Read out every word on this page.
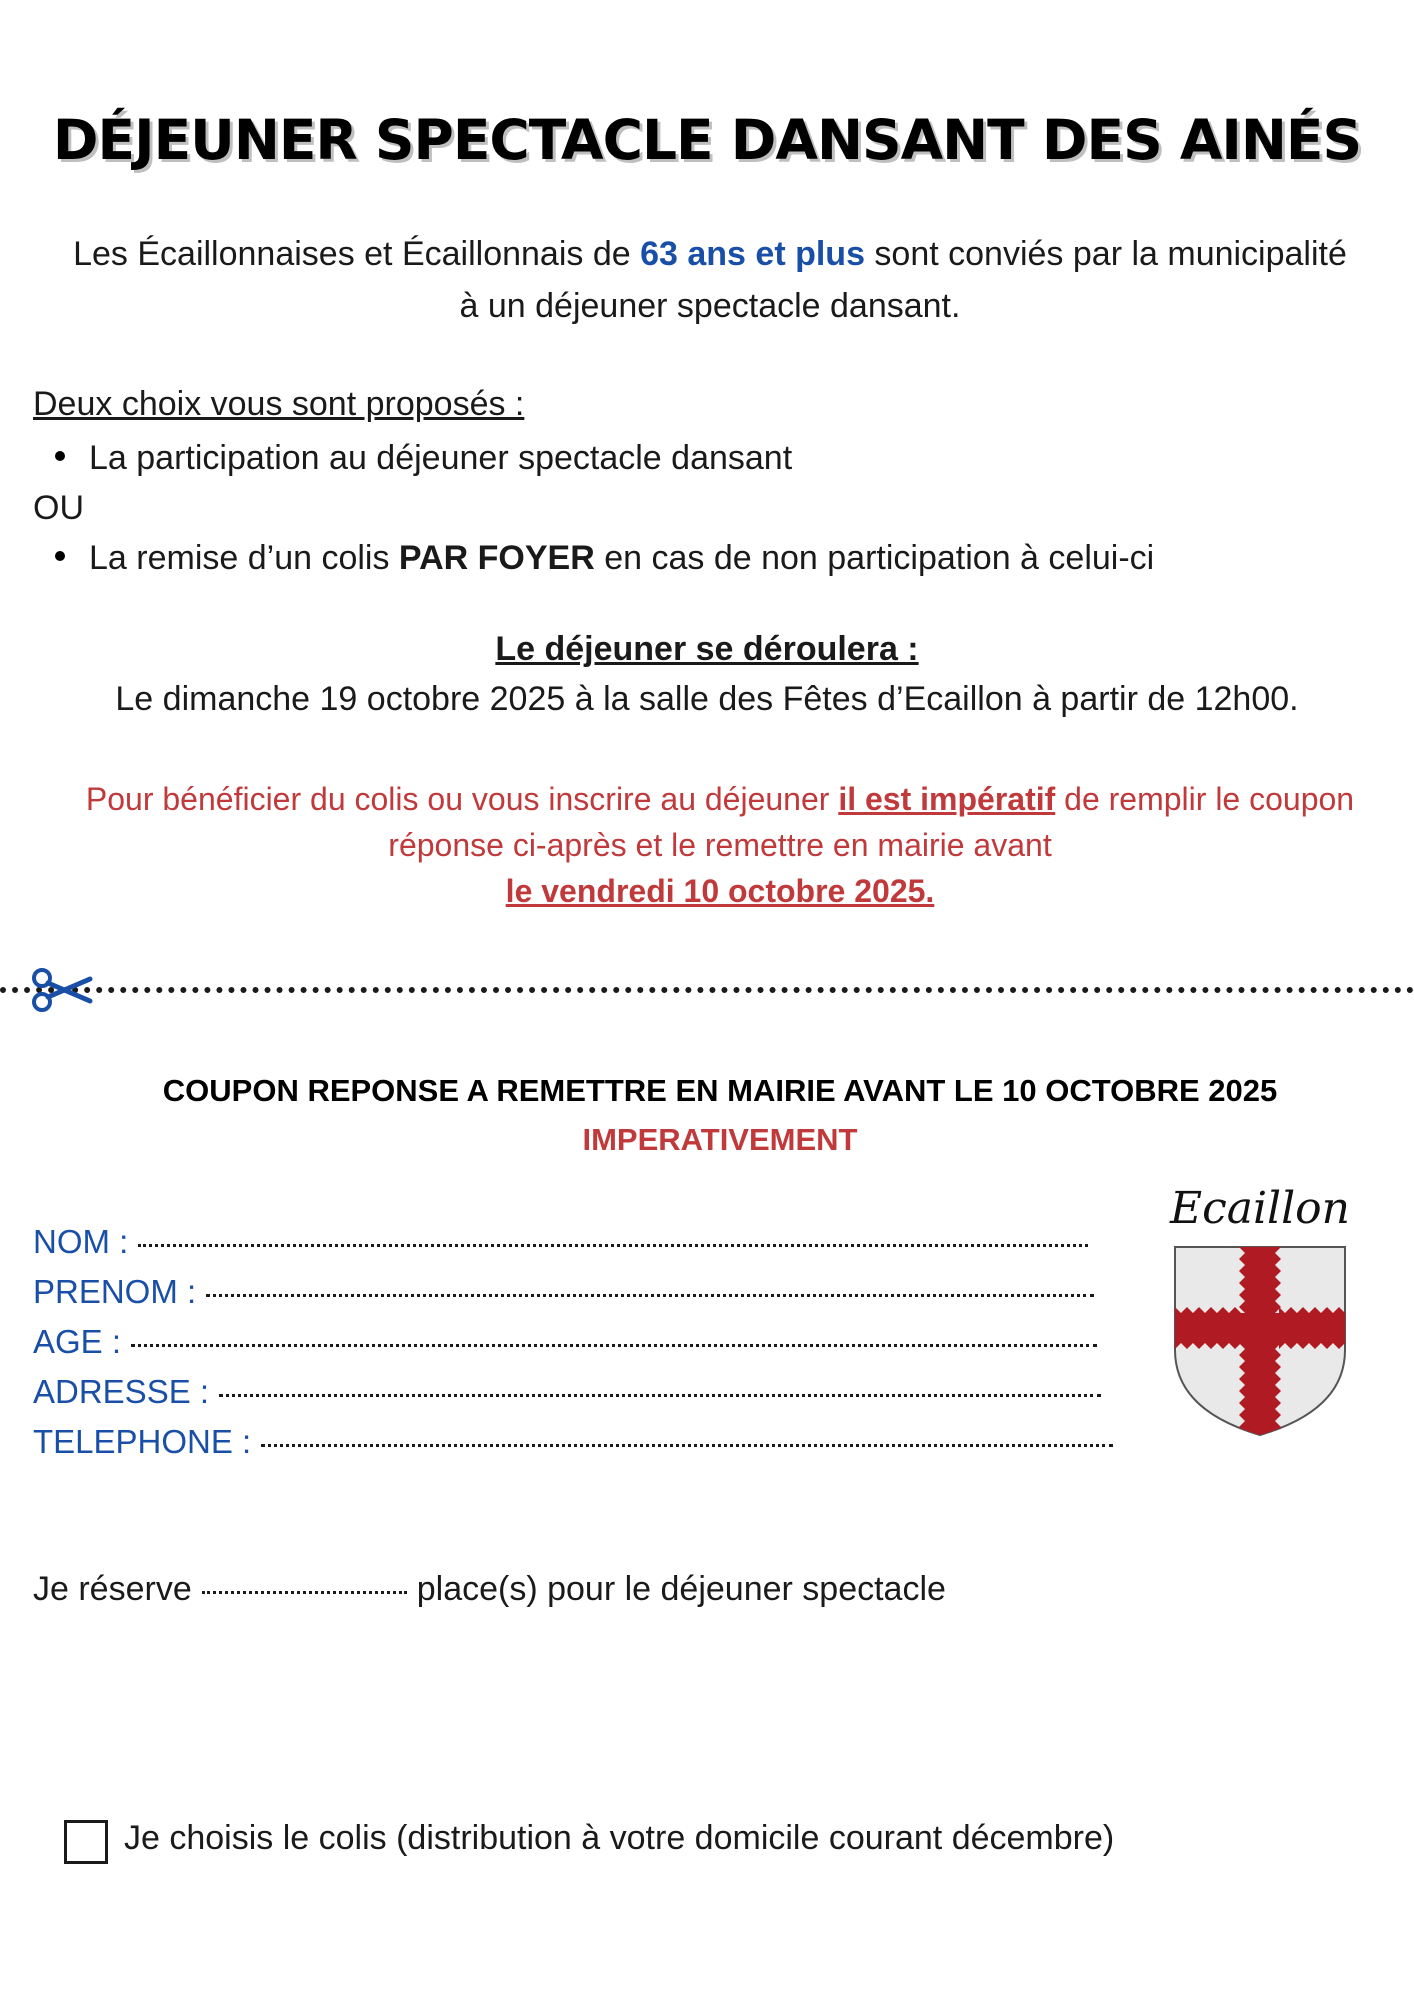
DÉJEUNER SPECTACLE DANSANT DES AINÉS
Les Écaillonnaises et Écaillonnais de 63 ans et plus sont conviés par la municipalité à un déjeuner spectacle dansant.
Deux choix vous sont proposés :
La participation au déjeuner spectacle dansant
OU
La remise d’un colis PAR FOYER en cas de non participation à celui-ci
Le déjeuner se déroulera :
Le dimanche 19 octobre 2025 à la salle des Fêtes d’Ecaillon à partir de 12h00.
Pour bénéficier du colis ou vous inscrire au déjeuner il est impératif de remplir le coupon réponse ci-après et le remettre en mairie avant
le vendredi 10 octobre 2025.
COUPON REPONSE A REMETTRE EN MAIRIE AVANT LE 10 OCTOBRE 2025
IMPERATIVEMENT
NOM :
PRENOM :
AGE :
ADRESSE :
TELEPHONE :
Ecaillon
Je réserve	place(s) pour le déjeuner spectacle
Je choisis le colis (distribution à votre domicile courant décembre)
